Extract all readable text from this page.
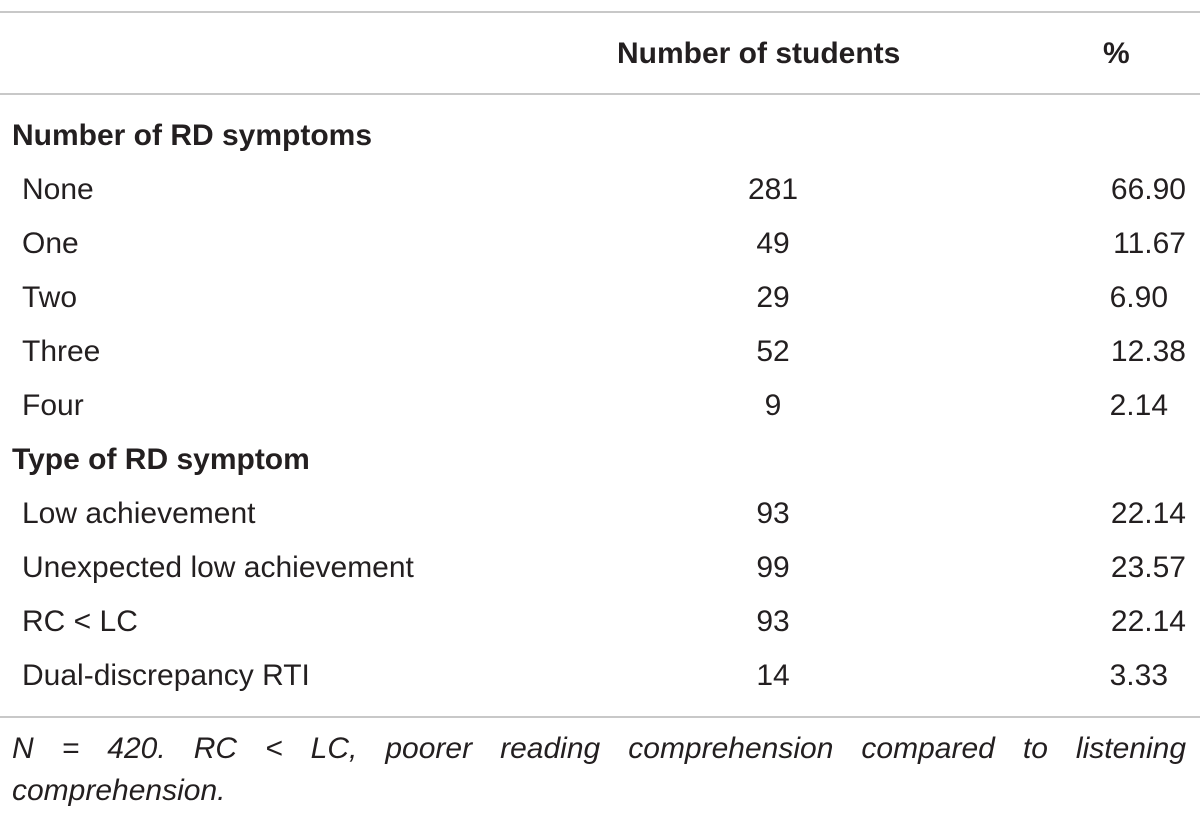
Number of students	%
Number of RD symptoms
None	281	66.90
One	49	11.67
Two	29	6.90
Three	52	12.38
Four	9	2.14
Type of RD symptom
Low achievement	93	22.14
Unexpected low achievement	99	23.57
RC < LC	93	22.14
Dual-discrepancy RTI	14	3.33
N = 420. RC < LC, poorer reading comprehension compared to listening comprehension.
